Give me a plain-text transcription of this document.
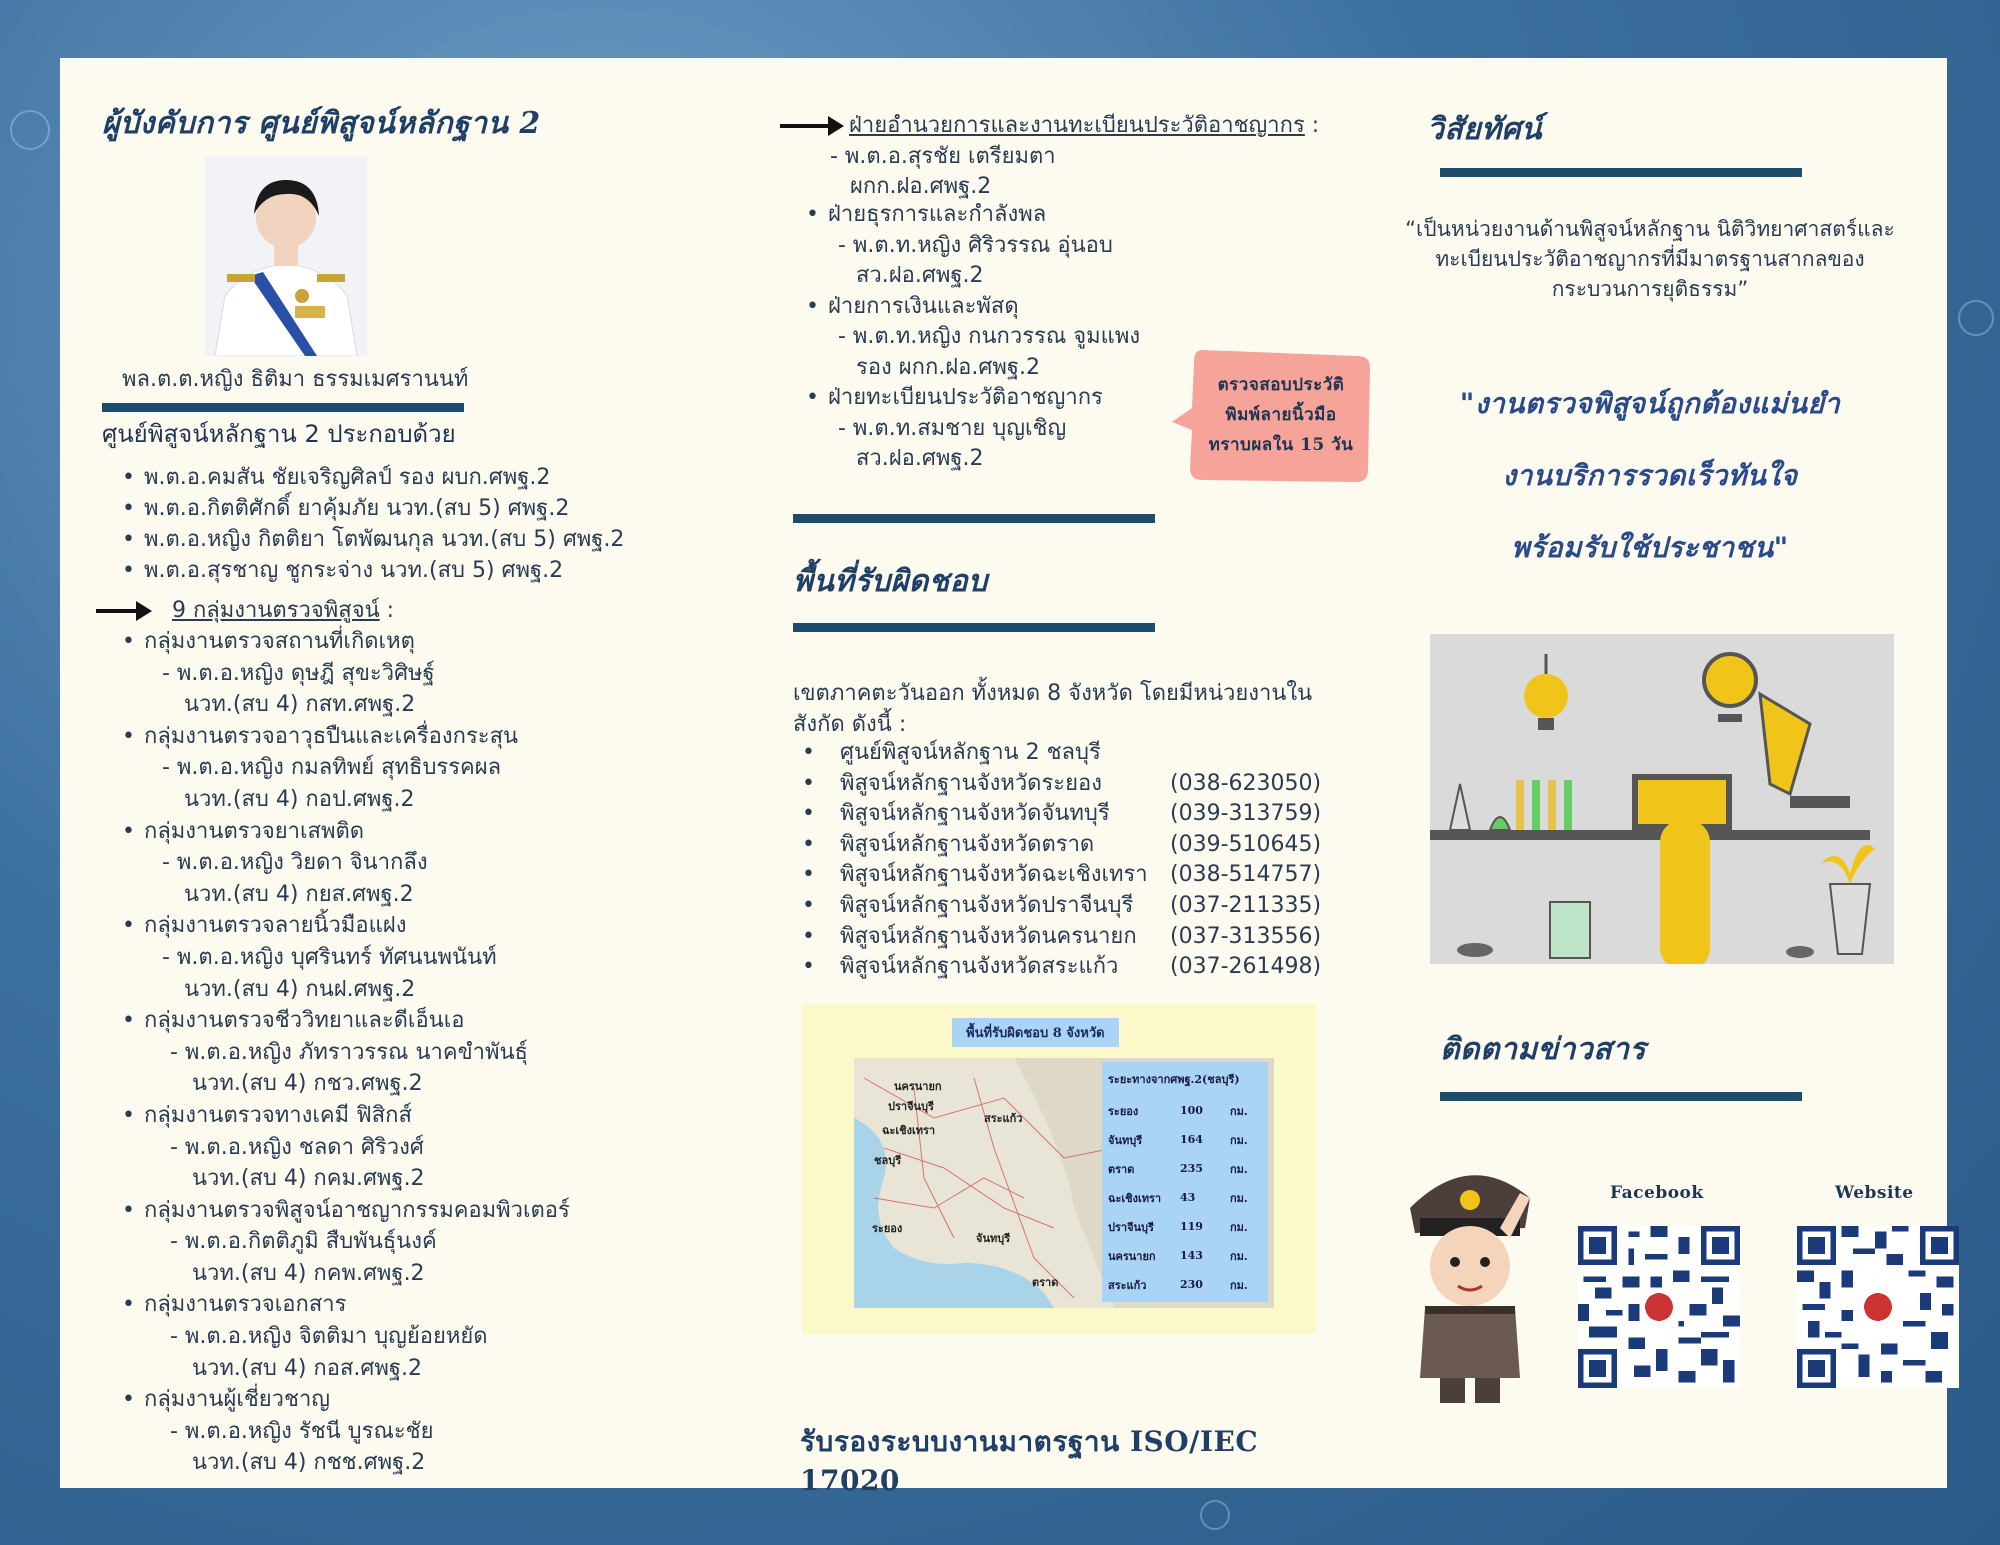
ผู้บังคับการ ศูนย์พิสูจน์หลักฐาน 2
พล.ต.ต.หญิง ธิติมา ธรรมเมศรานนท์
ศูนย์พิสูจน์หลักฐาน 2 ประกอบด้วย
• พ.ต.อ.คมสัน ชัยเจริญศิลป์ รอง ผบก.ศพฐ.2
• พ.ต.อ.กิตติศักดิ์ ยาคุ้มภัย นวท.(สบ 5) ศพฐ.2
• พ.ต.อ.หญิง กิตติยา โตพัฒนกุล นวท.(สบ 5) ศพฐ.2
• พ.ต.อ.สุรชาญ ชูกระจ่าง นวท.(สบ 5) ศพฐ.2
9 กลุ่มงานตรวจพิสูจน์ :
• กลุ่มงานตรวจสถานที่เกิดเหตุ
- พ.ต.อ.หญิง ดุษฎี สุขะวิศิษฐ์
นวท.(สบ 4) กสท.ศพฐ.2
• กลุ่มงานตรวจอาวุธปืนและเครื่องกระสุน
- พ.ต.อ.หญิง กมลทิพย์ สุทธิบรรคผล
นวท.(สบ 4) กอป.ศพฐ.2
• กลุ่มงานตรวจยาเสพติด
- พ.ต.อ.หญิง วิยดา จินากลึง
นวท.(สบ 4) กยส.ศพฐ.2
• กลุ่มงานตรวจลายนิ้วมือแฝง
- พ.ต.อ.หญิง บุศรินทร์ ทัศนนพนันท์
นวท.(สบ 4) กนฝ.ศพฐ.2
• กลุ่มงานตรวจชีววิทยาและดีเอ็นเอ
- พ.ต.อ.หญิง ภัทราวรรณ นาคขำพันธุ์
นวท.(สบ 4) กชว.ศพฐ.2
• กลุ่มงานตรวจทางเคมี ฟิสิกส์
- พ.ต.อ.หญิง ชลดา ศิริวงศ์
นวท.(สบ 4) กคม.ศพฐ.2
• กลุ่มงานตรวจพิสูจน์อาชญากรรมคอมพิวเตอร์
- พ.ต.อ.กิตติภูมิ สืบพันธุ์นงค์
นวท.(สบ 4) กคพ.ศพฐ.2
• กลุ่มงานตรวจเอกสาร
- พ.ต.อ.หญิง จิตติมา บุญย้อยหยัด
นวท.(สบ 4) กอส.ศพฐ.2
• กลุ่มงานผู้เชี่ยวชาญ
- พ.ต.อ.หญิง รัชนี บูรณะชัย
นวท.(สบ 4) กชช.ศพฐ.2
ฝ่ายอำนวยการและงานทะเบียนประวัติอาชญากร :
- พ.ต.อ.สุรชัย เตรียมตา
ผกก.ฝอ.ศพฐ.2
• ฝ่ายธุรการและกำลังพล
- พ.ต.ท.หญิง ศิริวรรณ อุ่นอบ
สว.ฝอ.ศพฐ.2
• ฝ่ายการเงินและพัสดุ
- พ.ต.ท.หญิง กนกวรรณ จูมแพง
รอง ผกก.ฝอ.ศพฐ.2
• ฝ่ายทะเบียนประวัติอาชญากร
- พ.ต.ท.สมชาย บุญเชิญ
สว.ฝอ.ศพฐ.2
ตรวจสอบประวัติ
พิมพ์ลายนิ้วมือ
ทราบผลใน 15 วัน
พื้นที่รับผิดชอบ
เขตภาคตะวันออก ทั้งหมด 8 จังหวัด โดยมีหน่วยงานในสังกัด ดังนี้ :
• ศูนย์พิสูจน์หลักฐาน 2 ชลบุรี
• พิสูจน์หลักฐานจังหวัดระยอง	(038-623050)
• พิสูจน์หลักฐานจังหวัดจันทบุรี	(039-313759)
• พิสูจน์หลักฐานจังหวัดตราด	(039-510645)
• พิสูจน์หลักฐานจังหวัดฉะเชิงเทรา (038-514757)
• พิสูจน์หลักฐานจังหวัดปราจีนบุรี (037-211335)
• พิสูจน์หลักฐานจังหวัดนครนายก (037-313556)
• พิสูจน์หลักฐานจังหวัดสระแก้ว (037-261498)
พื้นที่รับผิดชอบ 8 จังหวัด
นครนายก
ปราจีนบุรี
สระแก้ว
ฉะเชิงเทรา
ชลบุรี
ระยอง
จันทบุรี
ตราด
ระยะทางจากศพฐ.2(ชลบุรี)
ระยอง	100	กม.
จันทบุรี	164	กม.
ตราด	235	กม.
ฉะเชิงเทรา	43	กม.
ปราจีนบุรี	119	กม.
นครนายก	143	กม.
สระแก้ว	230	กม.
รับรองระบบงานมาตรฐาน ISO/IEC 17020
วิสัยทัศน์
“เป็นหน่วยงานด้านพิสูจน์หลักฐาน นิติวิทยาศาสตร์และทะเบียนประวัติอาชญากรที่มีมาตรฐานสากลของกระบวนการยุติธรรม”
"งานตรวจพิสูจน์ถูกต้องแม่นยำ
งานบริการรวดเร็วทันใจ
พร้อมรับใช้ประชาชน"
ติดตามข่าวสาร
Facebook	Website
